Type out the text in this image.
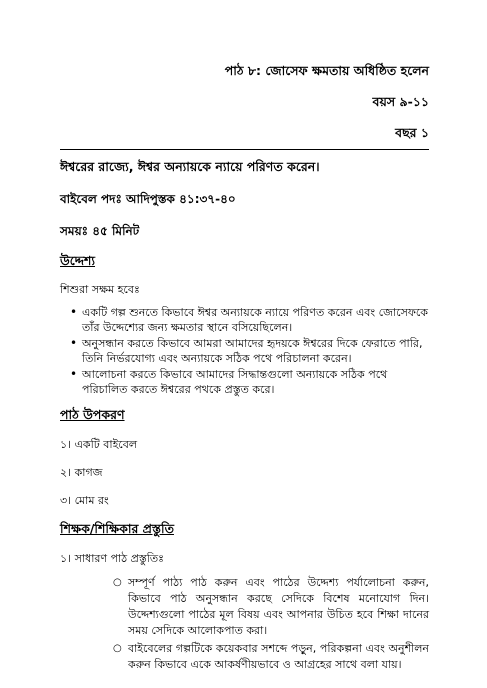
পাঠ ৮: জোসেফ ক্ষমতায় অধিষ্ঠিত হলেন

বয়স ৯-১১

বছর ১

ঈশ্বরের রাজ্যে, ঈশ্বর অন্যায়কে ন্যায়ে পরিণত করেন।

বাইবেল পদঃ আদিপুস্তক ৪১:৩৭-৪০

সময়ঃ ৪৫ মিনিট

উদ্দেশ্য

শিশুরা সক্ষম হবেঃ

• একটি গল্প শুনতে কিভাবে ঈশ্বর অন্যায়কে ন্যায়ে পরিণত করেন এবং জোসেফকে তাঁর উদ্দেশ্যের জন্য ক্ষমতার স্থানে বসিয়েছিলেন।
• অনুসন্ধান করতে কিভাবে আমরা আমাদের হৃদয়কে ঈশ্বরের দিকে ফেরাতে পারি, তিনি নির্ভরযোগ্য এবং অন্যায়কে সঠিক পথে পরিচালনা করেন।
• আলোচনা করতে কিভাবে আমাদের সিদ্ধান্তগুলো অন্যায়কে সঠিক পথে পরিচালিত করতে ঈশ্বরের পথকে প্রস্তুত করে।

পাঠ উপকরণ

১। একটি বাইবেল

২। কাগজ

৩। মোম রং

শিক্ষক/শিক্ষিকার প্রস্তুতি

১। সাধারণ পাঠ প্রস্তুতিঃ

○ সম্পূর্ণ পাঠ্য পাঠ করুন এবং পাঠের উদ্দেশ্য পর্যালোচনা করুন, কিভাবে পাঠ অনুসন্ধান করছে সেদিকে বিশেষ মনোযোগ দিন। উদ্দেশ্যগুলো পাঠের মূল বিষয় এবং আপনার উচিত হবে শিক্ষা দানের সময় সেদিকে আলোকপাত করা।
○ বাইবেলের গল্পটিকে কয়েকবার সশব্দে পড়ুন, পরিকল্পনা এবং অনুশীলন করুন কিভাবে একে আকর্ষণীয়ভাবে ও আগ্রহের সাথে বলা যায়।
